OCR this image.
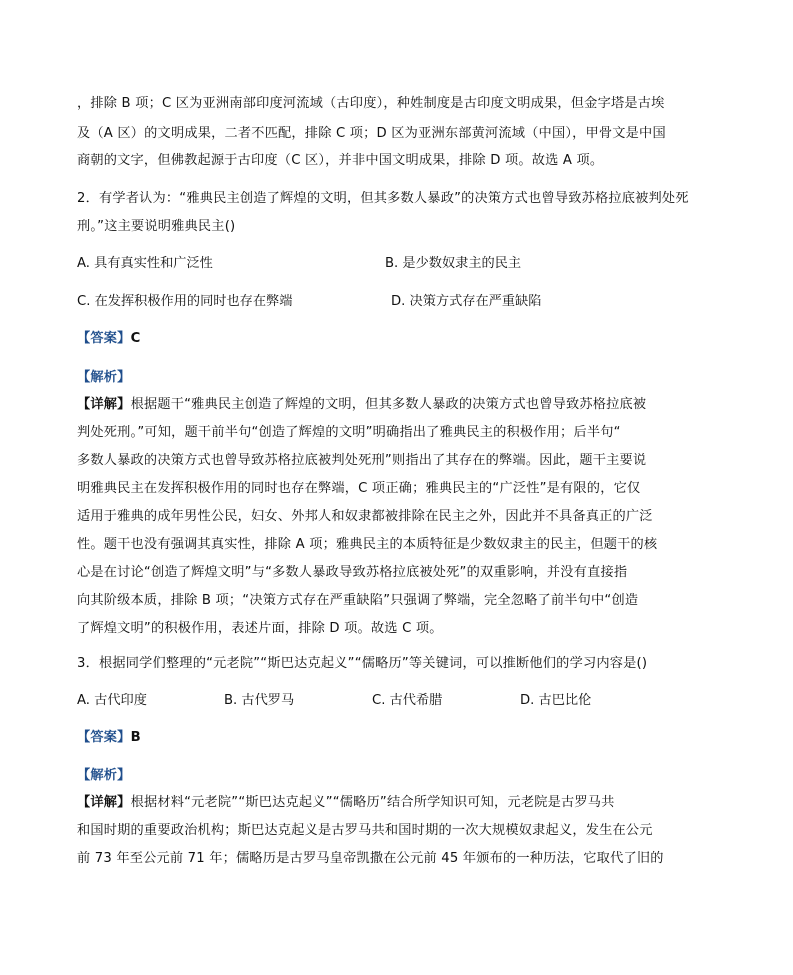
，排除 B 项；C 区为亚洲南部印度河流域（古印度），种姓制度是古印度文明成果，但金字塔是古埃
及（A 区）的文明成果，二者不匹配，排除 C 项；D 区为亚洲东部黄河流域（中国），甲骨文是中国
商朝的文字，但佛教起源于古印度（C 区），并非中国文明成果，排除 D 项。故选 A 项。
2．有学者认为：“雅典民主创造了辉煌的文明，但其多数人暴政”的决策方式也曾导致苏格拉底被判处死
刑。”这主要说明雅典民主()
A. 具有真实性和广泛性	B. 是少数奴隶主的民主
C. 在发挥积极作用的同时也存在弊端	D. 决策方式存在严重缺陷
【答案】C
【解析】
【详解】根据题干“雅典民主创造了辉煌的文明，但其多数人暴政的决策方式也曾导致苏格拉底被
判处死刑。”可知，题干前半句“创造了辉煌的文明”明确指出了雅典民主的积极作用；后半句“
多数人暴政的决策方式也曾导致苏格拉底被判处死刑”则指出了其存在的弊端。因此，题干主要说
明雅典民主在发挥积极作用的同时也存在弊端，C 项正确；雅典民主的“广泛性”是有限的，它仅
适用于雅典的成年男性公民，妇女、外邦人和奴隶都被排除在民主之外，因此并不具备真正的广泛
性。题干也没有强调其真实性，排除 A 项；雅典民主的本质特征是少数奴隶主的民主，但题干的核
心是在讨论“创造了辉煌文明”与“多数人暴政导致苏格拉底被处死”的双重影响，并没有直接指
向其阶级本质，排除 B 项；“决策方式存在严重缺陷”只强调了弊端，完全忽略了前半句中“创造
了辉煌文明”的积极作用，表述片面，排除 D 项。故选 C 项。
3．根据同学们整理的“元老院”“斯巴达克起义”“儒略历”等关键词，可以推断他们的学习内容是()
A. 古代印度	B. 古代罗马	C. 古代希腊	D. 古巴比伦
【答案】B
【解析】
【详解】根据材料“元老院”“斯巴达克起义”“儒略历”结合所学知识可知，元老院是古罗马共
和国时期的重要政治机构；斯巴达克起义是古罗马共和国时期的一次大规模奴隶起义，发生在公元
前 73 年至公元前 71 年；儒略历是古罗马皇帝凯撒在公元前 45 年颁布的一种历法，它取代了旧的
